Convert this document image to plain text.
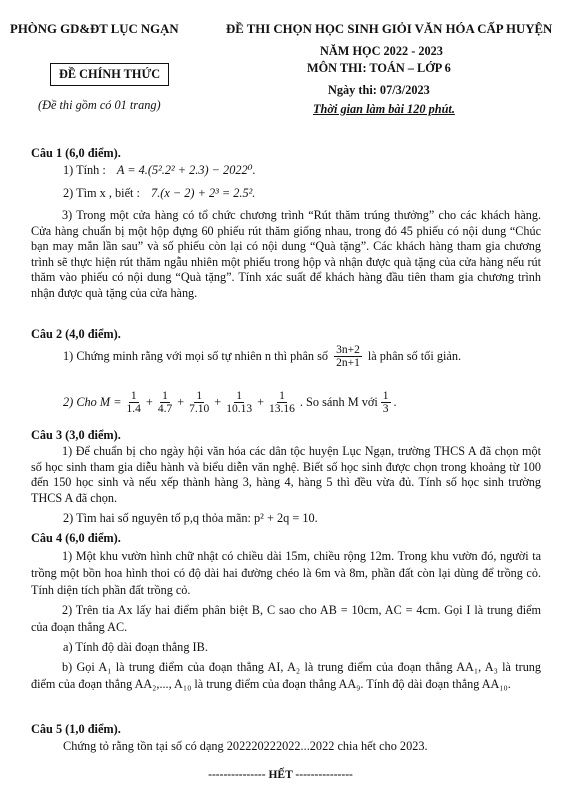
PHÒNG GD&ĐT LỤC NGẠN
ĐỀ CHÍNH THỨC
(Đề thi gồm có 01 trang)
ĐỀ THI CHỌN HỌC SINH GIỎI VĂN HÓA CẤP HUYỆN
NĂM HỌC 2022 - 2023
MÔN THI: TOÁN – LỚP 6
Ngày thi: 07/3/2023
Thời gian làm bài 120 phút.
Câu 1 (6,0 điểm).
1) Tính : A = 4.(5².2² + 2.3) − 2022⁰.
2) Tìm x , biết : 7.(x − 2) + 2³ = 2.5².
3) Trong một cửa hàng có tổ chức chương trình “Rút thăm trúng thưởng” cho các khách hàng. Cửa hàng chuẩn bị một hộp đựng 60 phiếu rút thăm giống nhau, trong đó 45 phiếu có nội dung “Chúc bạn may mắn lần sau” và số phiếu còn lại có nội dung “Quà tặng”. Các khách hàng tham gia chương trình sẽ thực hiện rút thăm ngẫu nhiên một phiếu trong hộp và nhận được quà tặng của cửa hàng nếu rút thăm vào phiếu có nội dung “Quà tặng”. Tính xác suất để khách hàng đầu tiên tham gia chương trình nhận được quà tặng của cửa hàng.
Câu 2 (4,0 điểm).
1) Chứng minh rằng với mọi số tự nhiên n thì phân số $\frac{3n+2}{2n+1}$ là phân số tối giản.
2) Cho $M = \frac{1}{1.4} + \frac{1}{4.7} + \frac{1}{7.10} + \frac{1}{10.13} + \frac{1}{13.16}$ . So sánh M với $\frac{1}{3}$ .
Câu 3 (3,0 điểm).
1) Để chuẩn bị cho ngày hội văn hóa các dân tộc huyện Lục Ngạn, trường THCS A đã chọn một số học sinh tham gia diễu hành và biểu diễn văn nghệ. Biết số học sinh được chọn trong khoảng từ 100 đến 150 học sinh và nếu xếp thành hàng 3, hàng 4, hàng 5 thì đều vừa đủ. Tính số học sinh trường THCS A đã chọn.
2) Tìm hai số nguyên tố p,q thỏa mãn: p² + 2q = 10.
Câu 4 (6,0 điểm).
1) Một khu vườn hình chữ nhật có chiều dài 15m, chiều rộng 12m. Trong khu vườn đó, người ta trồng một bồn hoa hình thoi có độ dài hai đường chéo là 6m và 8m, phần đất còn lại dùng để trồng cỏ. Tính diện tích phần đất trồng cỏ.
2) Trên tia Ax lấy hai điểm phân biệt B, C sao cho AB = 10cm, AC = 4cm. Gọi I là trung điểm của đoạn thẳng AC.
a) Tính độ dài đoạn thẳng IB.
b) Gọi A₁ là trung điểm của đoạn thẳng AI, A₂ là trung điểm của đoạn thẳng AA₁, A₃ là trung điểm của đoạn thẳng AA₂,..., A₁₀ là trung điểm của đoạn thẳng AA₉. Tính độ dài đoạn thẳng AA₁₀.
Câu 5 (1,0 điểm).
Chứng tỏ rằng tồn tại số có dạng 202220222022...2022 chia hết cho 2023.
--------------- HẾT ---------------
